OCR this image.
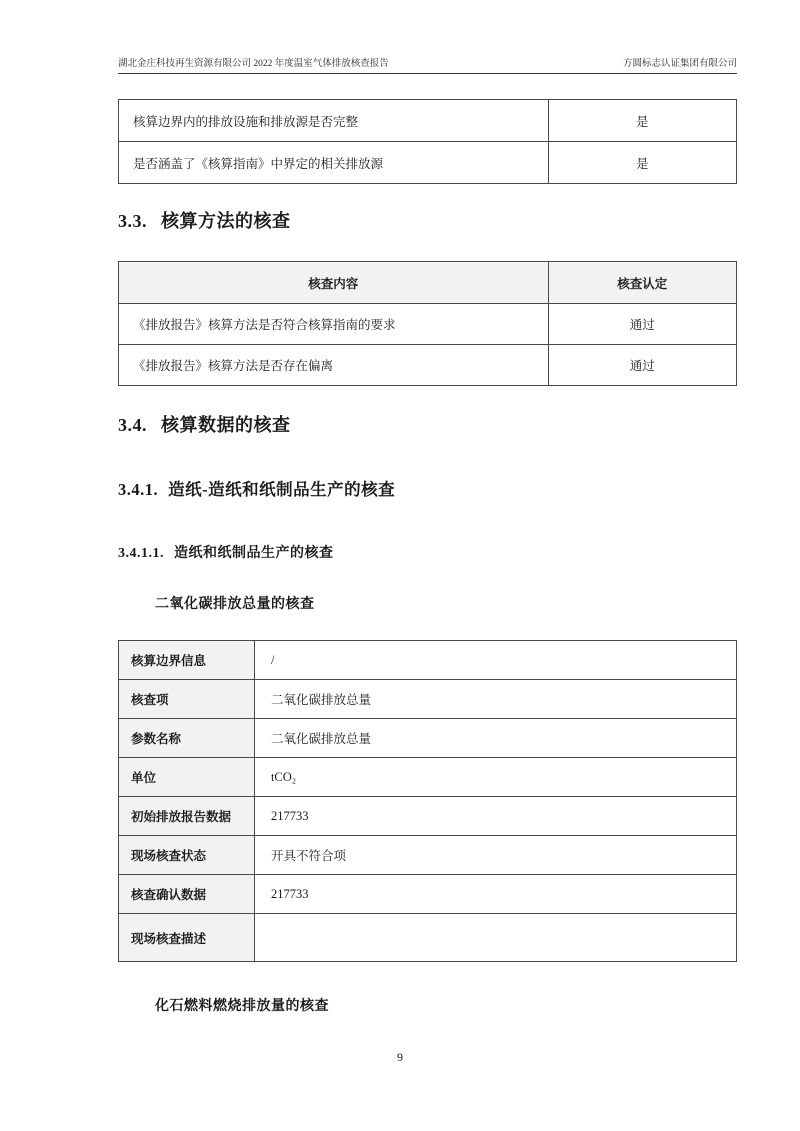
湖北金庄科技再生资源有限公司 2022 年度温室气体排放核查报告	方圆标志认证集团有限公司
核算边界内的排放设施和排放源是否完整	是
是否涵盖了《核算指南》中界定的相关排放源	是
3.3. 核算方法的核查
核查内容	核查认定
《排放报告》核算方法是否符合核算指南的要求	通过
《排放报告》核算方法是否存在偏离	通过
3.4. 核算数据的核查
3.4.1. 造纸-造纸和纸制品生产的核查
3.4.1.1. 造纸和纸制品生产的核查
二氧化碳排放总量的核查
核算边界信息	/
核查项	二氧化碳排放总量
参数名称	二氧化碳排放总量
单位	tCO₂
初始排放报告数据	217733
现场核查状态	开具不符合项
核查确认数据	217733
现场核查描述	
化石燃料燃烧排放量的核查
9
